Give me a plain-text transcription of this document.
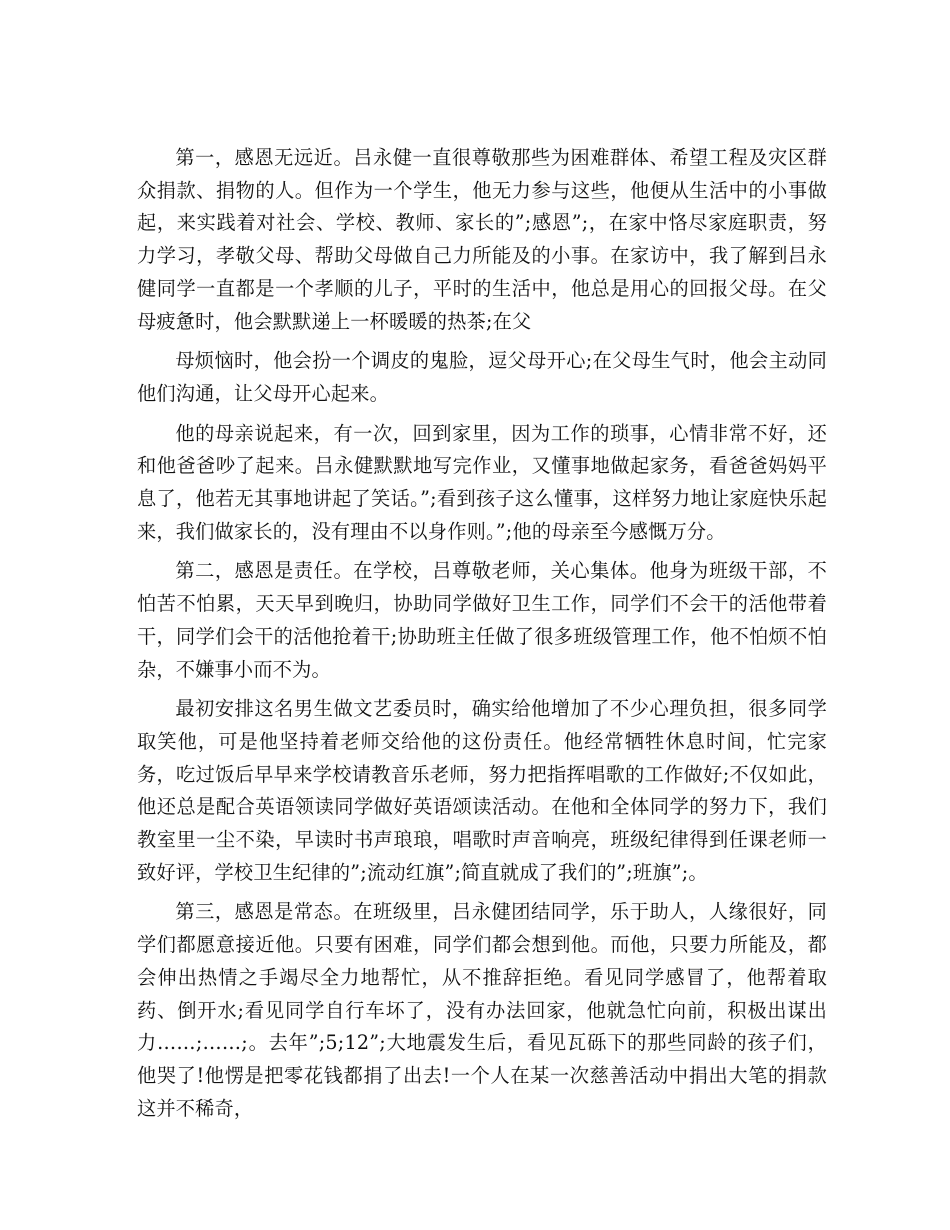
第一，感恩无远近。吕永健一直很尊敬那些为困难群体、希望工程及灾区群众捐款、捐物的人。但作为一个学生，他无力参与这些，他便从生活中的小事做起，来实践着对社会、学校、教师、家长的”;感恩”;，在家中恪尽家庭职责，努力学习，孝敬父母、帮助父母做自己力所能及的小事。在家访中，我了解到吕永健同学一直都是一个孝顺的儿子，平时的生活中，他总是用心的回报父母。在父母疲惫时，他会默默递上一杯暖暖的热茶;在父

母烦恼时，他会扮一个调皮的鬼脸，逗父母开心;在父母生气时，他会主动同他们沟通，让父母开心起来。

他的母亲说起来，有一次，回到家里，因为工作的琐事，心情非常不好，还和他爸爸吵了起来。吕永健默默地写完作业，又懂事地做起家务，看爸爸妈妈平息了，他若无其事地讲起了笑话。”;看到孩子这么懂事，这样努力地让家庭快乐起来，我们做家长的，没有理由不以身作则。”;他的母亲至今感慨万分。

第二，感恩是责任。在学校，吕尊敬老师，关心集体。他身为班级干部，不怕苦不怕累，天天早到晚归，协助同学做好卫生工作，同学们不会干的活他带着干，同学们会干的活他抢着干;协助班主任做了很多班级管理工作，他不怕烦不怕杂，不嫌事小而不为。

最初安排这名男生做文艺委员时，确实给他增加了不少心理负担，很多同学取笑他，可是他坚持着老师交给他的这份责任。他经常牺牲休息时间，忙完家务，吃过饭后早早来学校请教音乐老师，努力把指挥唱歌的工作做好;不仅如此，他还总是配合英语领读同学做好英语颂读活动。在他和全体同学的努力下，我们教室里一尘不染，早读时书声琅琅，唱歌时声音响亮，班级纪律得到任课老师一致好评，学校卫生纪律的”;流动红旗”;简直就成了我们的”;班旗”;。

第三，感恩是常态。在班级里，吕永健团结同学，乐于助人，人缘很好，同学们都愿意接近他。只要有困难，同学们都会想到他。而他，只要力所能及，都会伸出热情之手竭尽全力地帮忙，从不推辞拒绝。看见同学感冒了，他帮着取药、倒开水;看见同学自行车坏了，没有办法回家，他就急忙向前，积极出谋出力……;……;。去年”;5;12”;大地震发生后，看见瓦砾下的那些同龄的孩子们，他哭了!他愣是把零花钱都捐了出去!一个人在某一次慈善活动中捐出大笔的捐款这并不稀奇，
